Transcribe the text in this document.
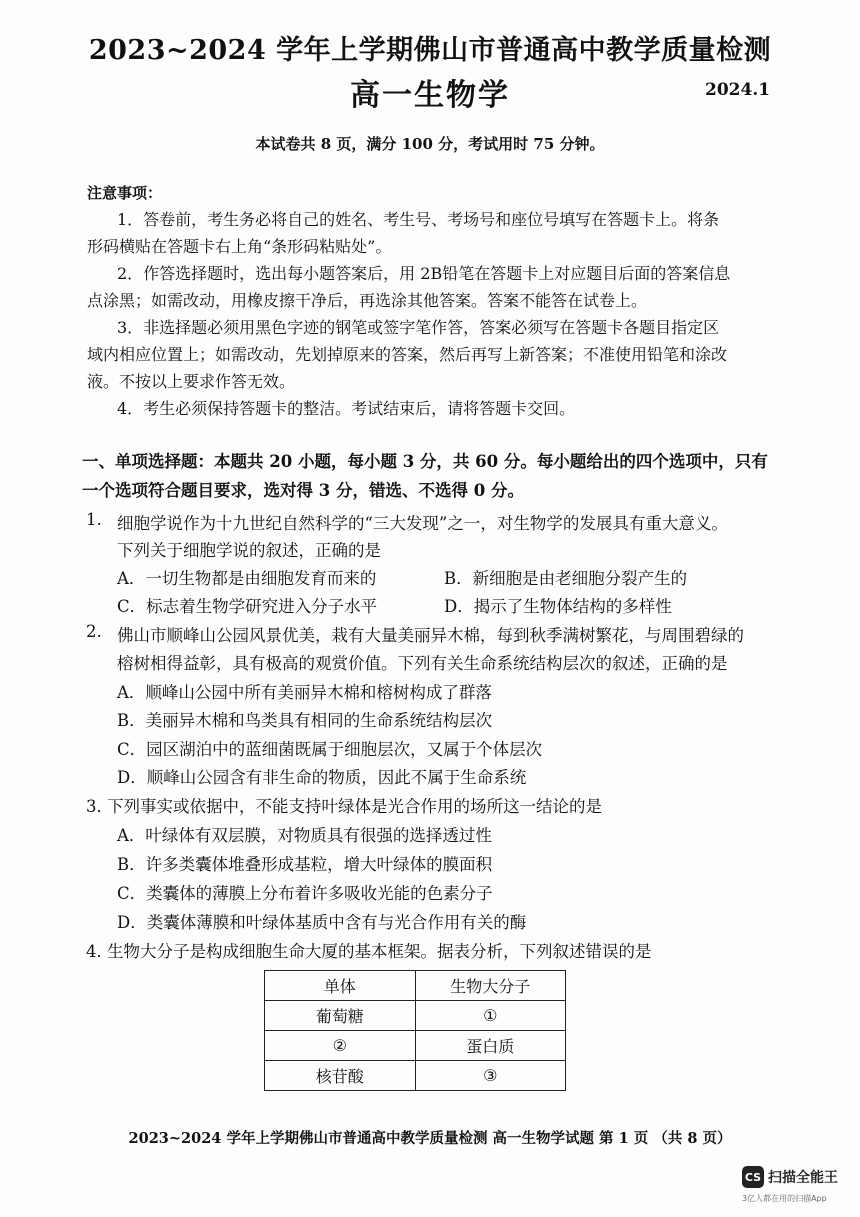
2023~2024 学年上学期佛山市普通高中教学质量检测
高一生物学	2024.1
本试卷共 8 页，满分 100 分，考试用时 75 分钟。
注意事项：
1．答卷前，考生务必将自己的姓名、考生号、考场号和座位号填写在答题卡上。将条
形码横贴在答题卡右上角“条形码粘贴处”。
2．作答选择题时，选出每小题答案后，用 2B铅笔在答题卡上对应题目后面的答案信息
点涂黑；如需改动，用橡皮擦干净后，再选涂其他答案。答案不能答在试卷上。
3．非选择题必须用黑色字迹的钢笔或签字笔作答，答案必须写在答题卡各题目指定区
域内相应位置上；如需改动，先划掉原来的答案，然后再写上新答案；不准使用铅笔和涂改
液。不按以上要求作答无效。
4．考生必须保持答题卡的整洁。考试结束后，请将答题卡交回。
一、单项选择题：本题共 20 小题，每小题 3 分，共 60 分。每小题给出的四个选项中，只有
一个选项符合题目要求，选对得 3 分，错选、不选得 0 分。
1. 细胞学说作为十九世纪自然科学的“三大发现”之一，对生物学的发展具有重大意义。
下列关于细胞学说的叙述，正确的是
A．一切生物都是由细胞发育而来的	B．新细胞是由老细胞分裂产生的
C．标志着生物学研究进入分子水平	D．揭示了生物体结构的多样性
2. 佛山市顺峰山公园风景优美，栽有大量美丽异木棉，每到秋季满树繁花，与周围碧绿的
榕树相得益彰，具有极高的观赏价值。下列有关生命系统结构层次的叙述，正确的是
A．顺峰山公园中所有美丽异木棉和榕树构成了群落
B．美丽异木棉和鸟类具有相同的生命系统结构层次
C．园区湖泊中的蓝细菌既属于细胞层次，又属于个体层次
D．顺峰山公园含有非生命的物质，因此不属于生命系统
3．
下列事实或依据中，不能支持叶绿体是光合作用的场所这一结论的是
A．叶绿体有双层膜，对物质具有很强的选择透过性
B．许多类囊体堆叠形成基粒，增大叶绿体的膜面积
C．类囊体的薄膜上分布着许多吸收光能的色素分子
D．类囊体薄膜和叶绿体基质中含有与光合作用有关的酶
4．
生物大分子是构成细胞生命大厦的基本框架。据表分析，下列叙述错误的是
单体	生物大分子
葡萄糖	①
②	蛋白质
核苷酸	③
2023~2024 学年上学期佛山市普通高中教学质量检测 高一生物学试题 第 1 页 （共 8 页）
CS 扫描全能王
3亿人都在用的扫描App
